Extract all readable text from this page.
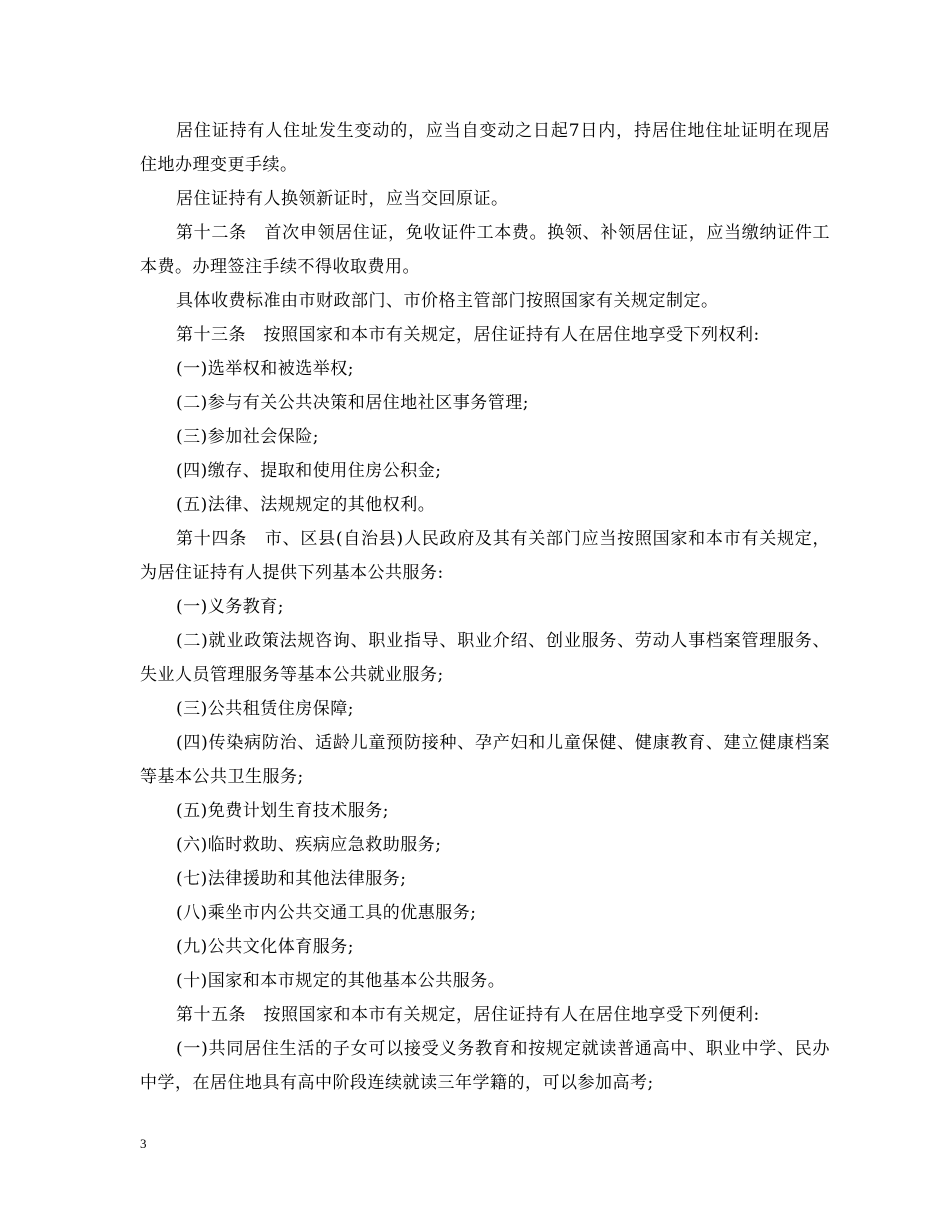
居住证持有人住址发生变动的，应当自变动之日起7日内，持居住地住址证明在现居住地办理变更手续。

居住证持有人换领新证时，应当交回原证。

第十二条　首次申领居住证，免收证件工本费。换领、补领居住证，应当缴纳证件工本费。办理签注手续不得收取费用。

具体收费标准由市财政部门、市价格主管部门按照国家有关规定制定。

第十三条　按照国家和本市有关规定，居住证持有人在居住地享受下列权利:

(一)选举权和被选举权;

(二)参与有关公共决策和居住地社区事务管理;

(三)参加社会保险;

(四)缴存、提取和使用住房公积金;

(五)法律、法规规定的其他权利。

第十四条　市、区县(自治县)人民政府及其有关部门应当按照国家和本市有关规定，为居住证持有人提供下列基本公共服务:

(一)义务教育;

(二)就业政策法规咨询、职业指导、职业介绍、创业服务、劳动人事档案管理服务、失业人员管理服务等基本公共就业服务;

(三)公共租赁住房保障;

(四)传染病防治、适龄儿童预防接种、孕产妇和儿童保健、健康教育、建立健康档案等基本公共卫生服务;

(五)免费计划生育技术服务;

(六)临时救助、疾病应急救助服务;

(七)法律援助和其他法律服务;

(八)乘坐市内公共交通工具的优惠服务;

(九)公共文化体育服务;

(十)国家和本市规定的其他基本公共服务。

第十五条　按照国家和本市有关规定，居住证持有人在居住地享受下列便利:

(一)共同居住生活的子女可以接受义务教育和按规定就读普通高中、职业中学、民办中学，在居住地具有高中阶段连续就读三年学籍的，可以参加高考;

3
